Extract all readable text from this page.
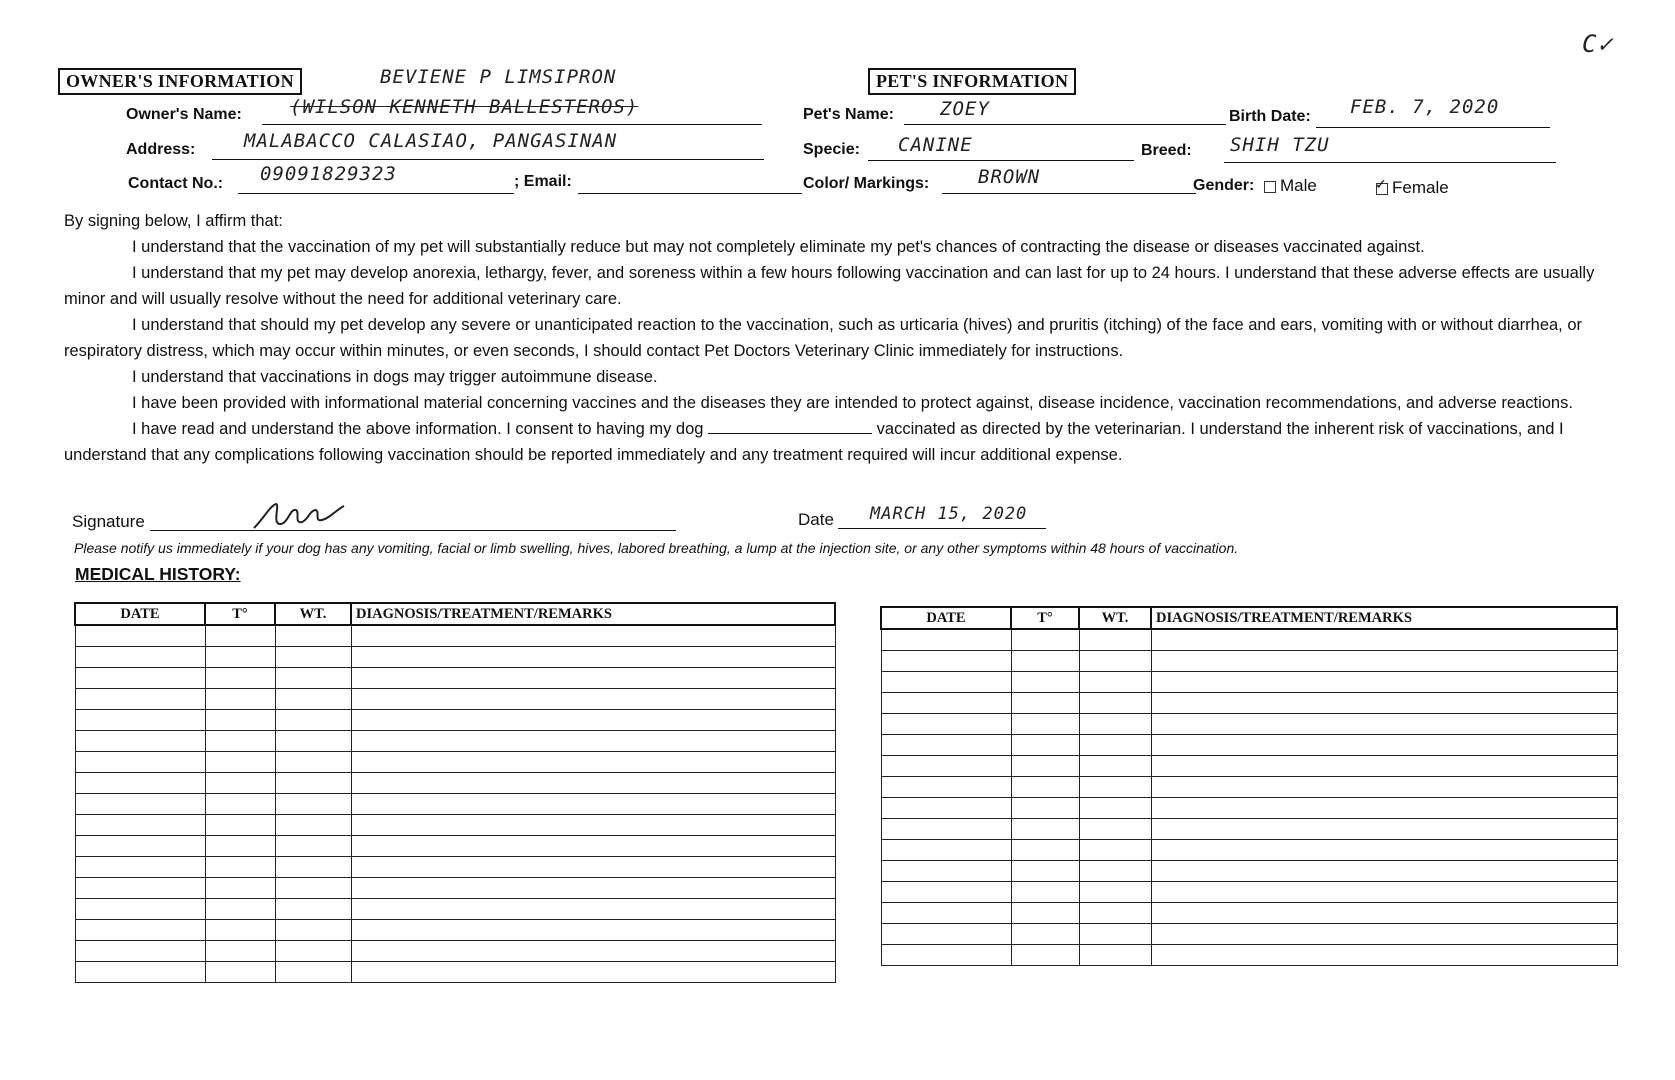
C✓
OWNER'S INFORMATION	BEVIENE P LIMSIPRON
Owner's Name:	(WILSON KENNETH BALLESTEROS)
Address:	MALABACCO CALASIAO, PANGASINAN
Contact No.: 09091829323	; Email:
PET'S INFORMATION
Pet's Name: ZOEY	Birth Date: FEB. 7, 2020
Specie: CANINE	Breed: SHIH TZU
Color/ Markings:	BROWN	Gender:	Male	✓ Female

By signing below, I affirm that:

I understand that the vaccination of my pet will substantially reduce but may not completely eliminate my pet's chances of contracting the disease or diseases vaccinated against.

I understand that my pet may develop anorexia, lethargy, fever, and soreness within a few hours following vaccination and can last for up to 24 hours. I understand that these adverse effects are usually minor and will usually resolve without the need for additional veterinary care.

I understand that should my pet develop any severe or unanticipated reaction to the vaccination, such as urticaria (hives) and pruritis (itching) of the face and ears, vomiting with or without diarrhea, or respiratory distress, which may occur within minutes, or even seconds, I should contact Pet Doctors Veterinary Clinic immediately for instructions.

I understand that vaccinations in dogs may trigger autoimmune disease.

I have been provided with informational material concerning vaccines and the diseases they are intended to protect against, disease incidence, vaccination recommendations, and adverse reactions.

I have read and understand the above information. I consent to having my dog	vaccinated as directed by the veterinarian. I understand the inherent risk of vaccinations, and I understand that any complications following vaccination should be reported immediately and any treatment required will incur additional expense.

Signature	Date MARCH 15, 2020
Please notify us immediately if your dog has any vomiting, facial or limb swelling, hives, labored breathing, a lump at the injection site, or any other symptoms within 48 hours of vaccination.
MEDICAL HISTORY:
DATE	T°	WT.	DIAGNOSIS/TREATMENT/REMARKS

				DATE	T°	WT.	DIAGNOSIS/TREATMENT/REMARKS
